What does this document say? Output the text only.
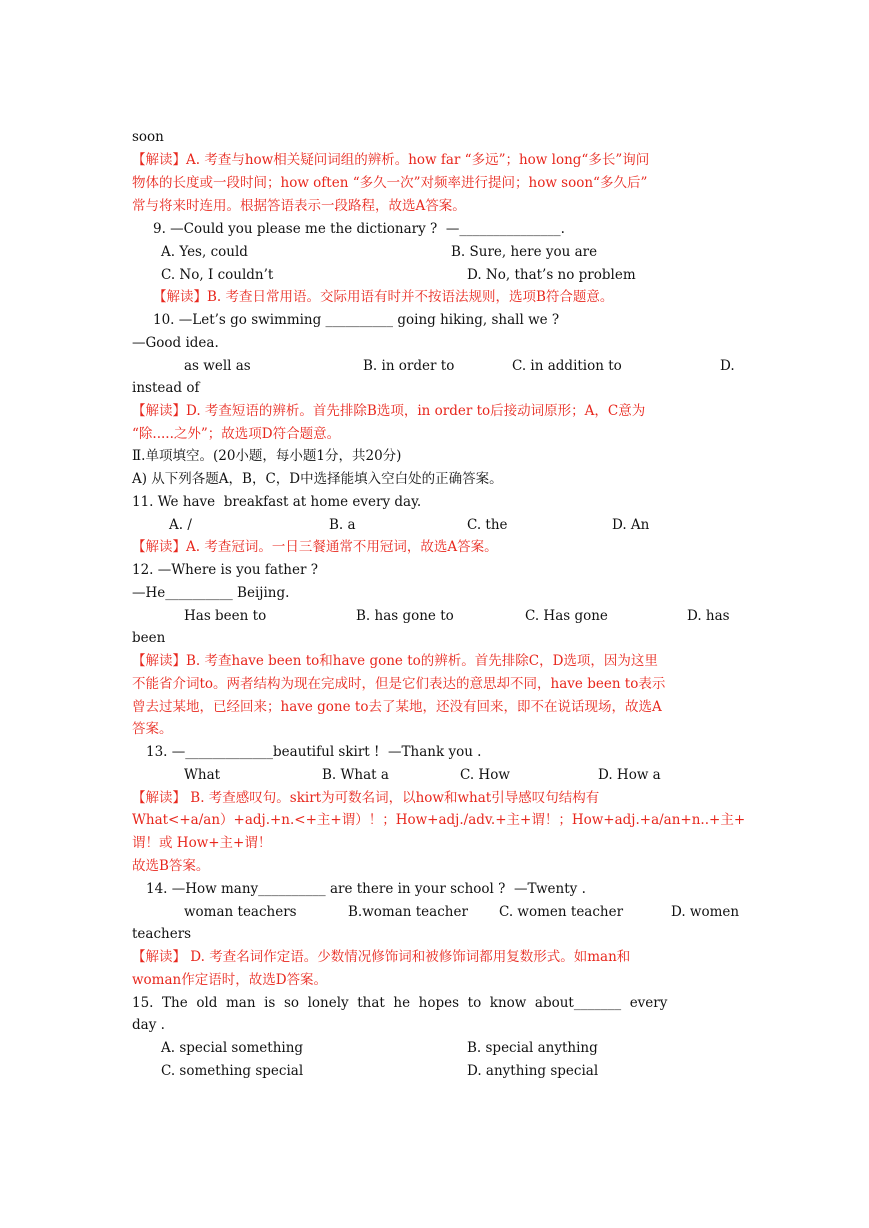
soon
【解读】A. 考查与how相关疑问词组的辨析。how far “多远”；how long“多长”询问
物体的长度或一段时间；how often “多久一次”对频率进行提问；how soon“多久后”
常与将来时连用。根据答语表示一段路程，故选A答案。
9. —Could you please me the dictionary ?  —_______________.
A. Yes, could	B. Sure, here you are
C. No, I couldn’t	D. No, that’s no problem
【解读】B. 考查日常用语。交际用语有时并不按语法规则，选项B符合题意。
10. —Let’s go swimming __________ going hiking, shall we ?
—Good idea.
as well as	B. in order to	C. in addition to	D.
instead of
【解读】D. 考查短语的辨析。首先排除B选项，in order to后接动词原形；A，C意为
“除.....之外”；故选项D符合题意。
Ⅱ.单项填空。(20小题，每小题1分，共20分)
A) 从下列各题A，B，C，D中选择能填入空白处的正确答案。
11. We have  breakfast at home every day.
A. /	B. a	C. the	D. An
【解读】A. 考查冠词。一日三餐通常不用冠词，故选A答案。
12. —Where is you father ?
—He__________ Beijing.
Has been to	B. has gone to	C. Has gone	D. has
been
【解读】B. 考查have been to和have gone to的辨析。首先排除C，D选项，因为这里
不能省介词to。两者结构为现在完成时，但是它们表达的意思却不同，have been to表示
曾去过某地，已经回来；have gone to去了某地，还没有回来，即不在说话现场，故选A
答案。
13. —_____________beautiful skirt !  —Thank you .
What	B. What a	C. How	D. How a
【解读】 B. 考查感叹句。skirt为可数名词，以how和what引导感叹句结构有
What<+a/an）+adj.+n.<+主+谓）！；How+adj./adv.+主+谓！；How+adj.+a/an+n..+主+
谓！或 How+主+谓！
故选B答案。
14. —How many__________ are there in your school ?  —Twenty .
woman teachers	B.woman teacher	C. women teacher	D. women
teachers
【解读】 D. 考查名词作定语。少数情况修饰词和被修饰词都用复数形式。如man和
woman作定语时，故选D答案。
15.  The  old  man  is  so  lonely  that  he  hopes  to  know  about_______  every
day .
A. special something	B. special anything
C. something special	D. anything special
